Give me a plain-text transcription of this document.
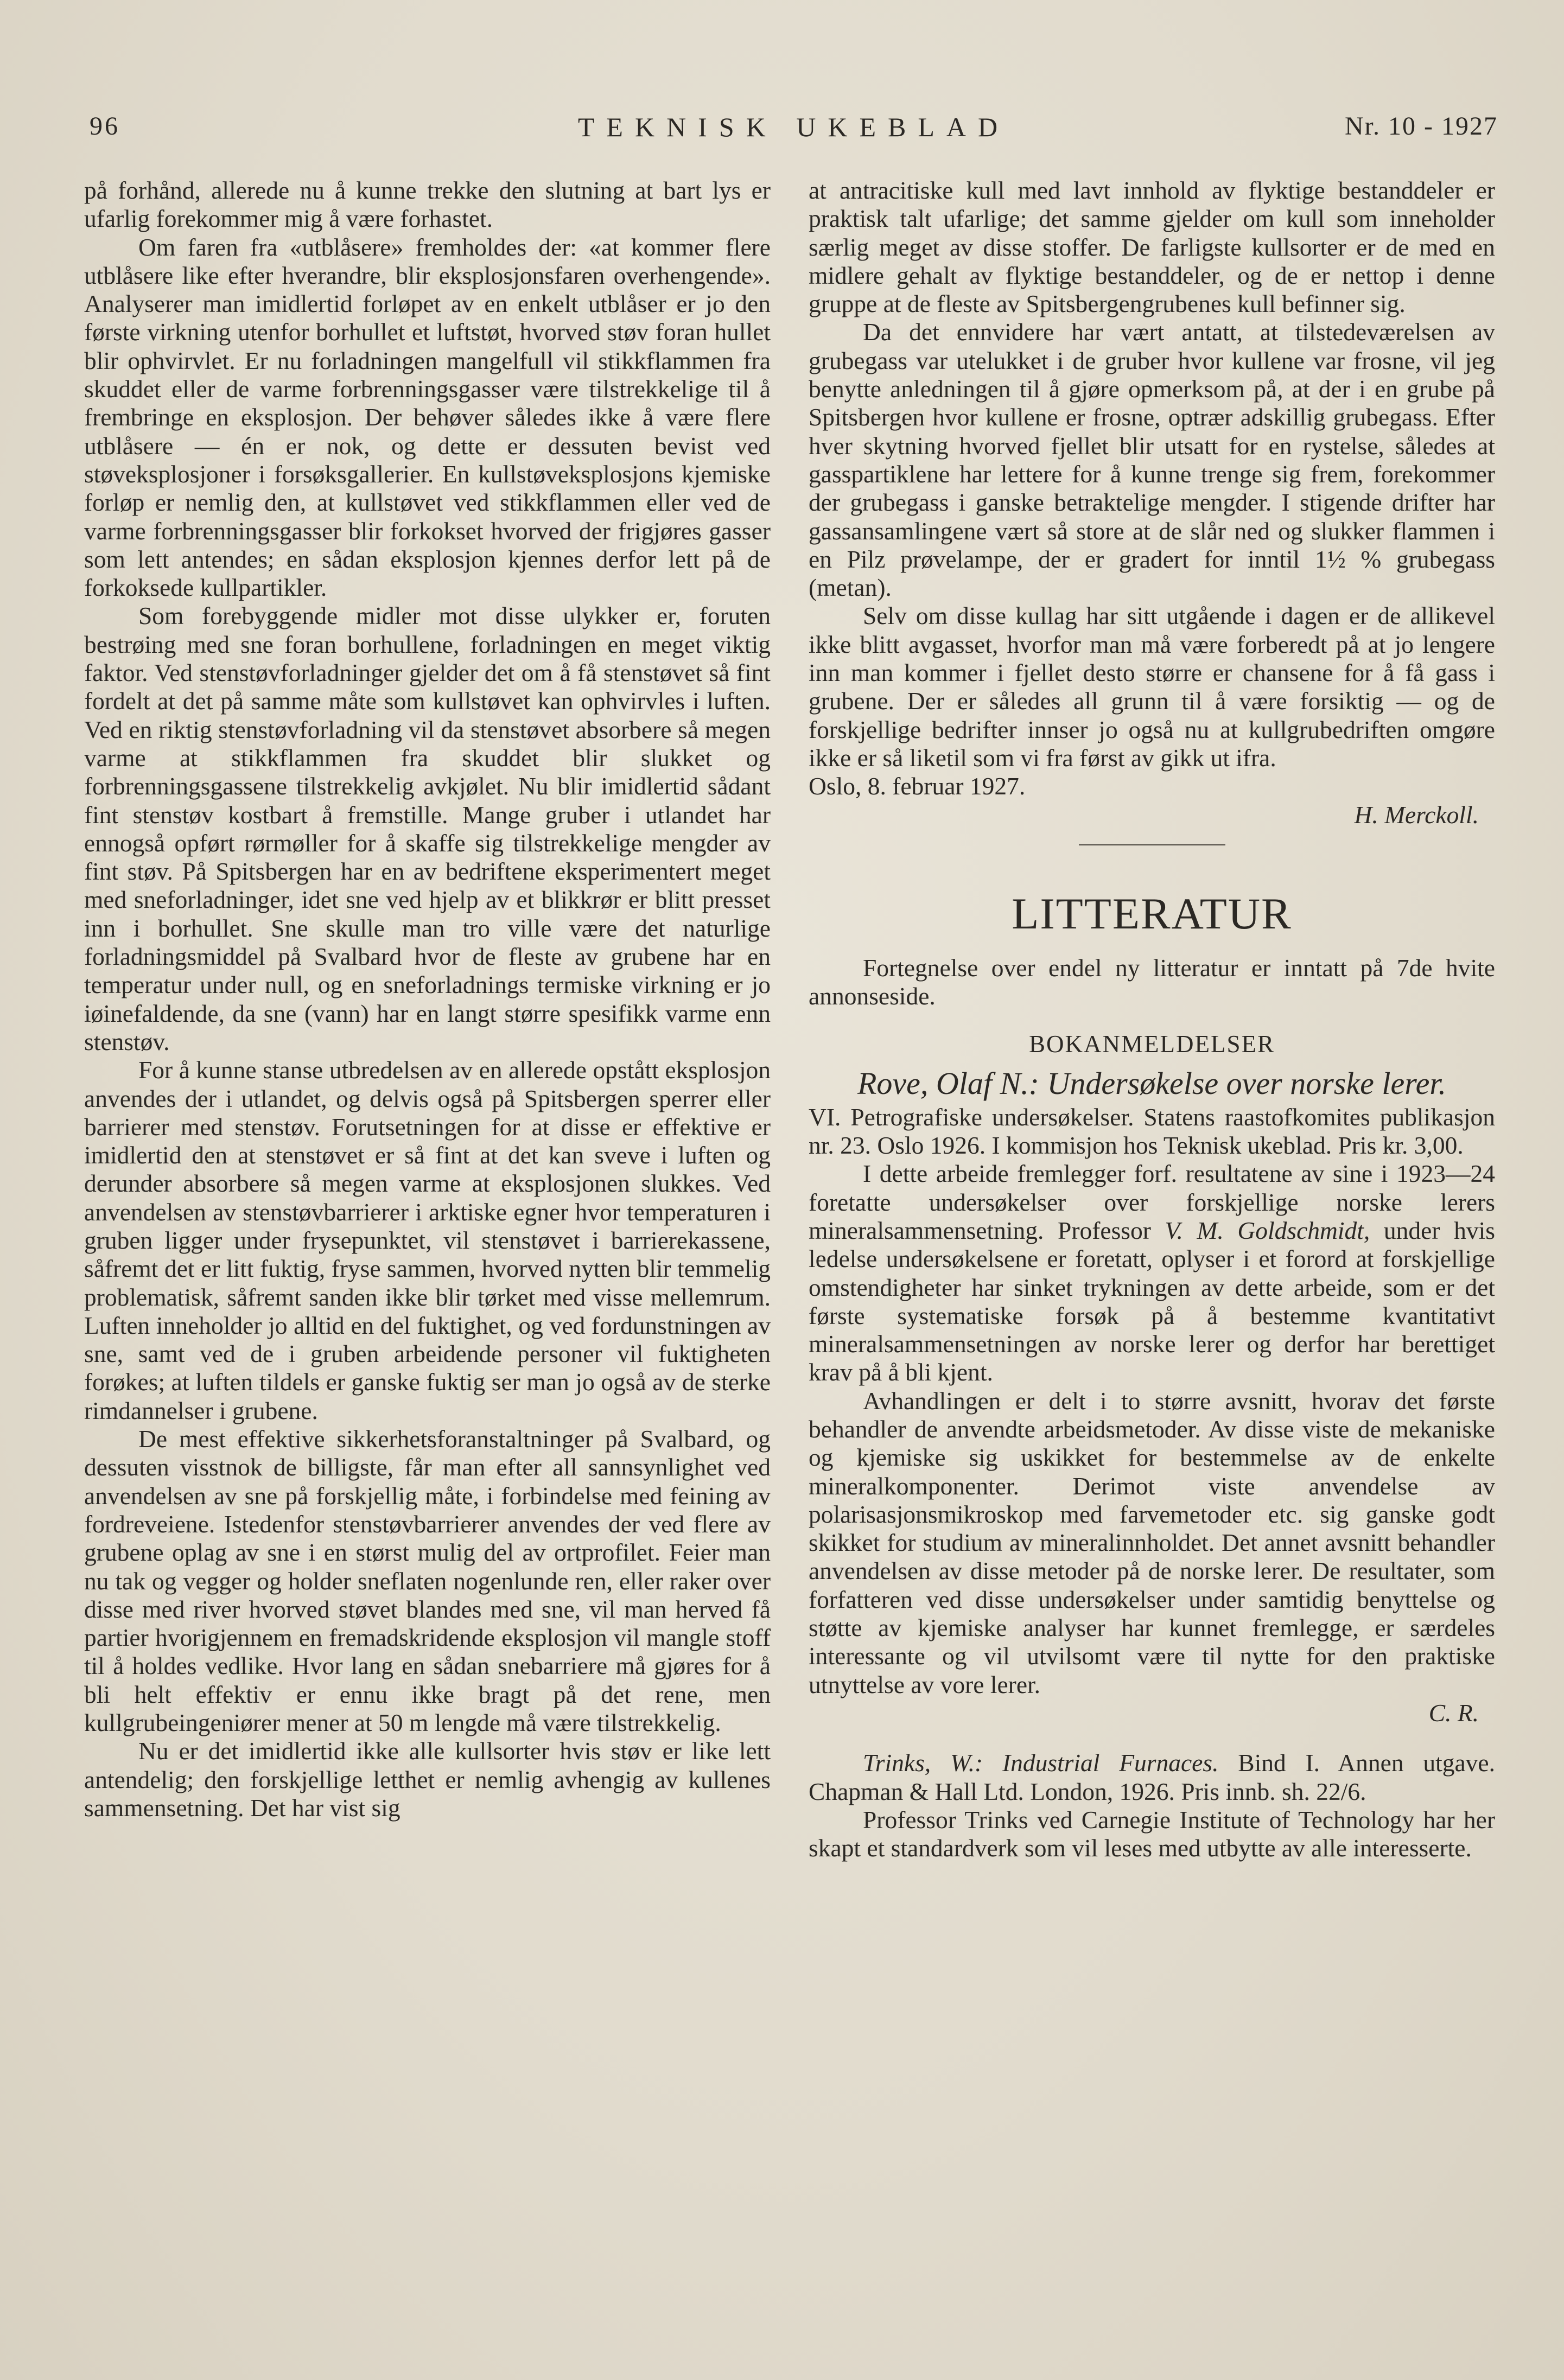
96	TEKNISK UKEBLAD	Nr. 10 - 1927

på forhånd, allerede nu å kunne trekke den slutning at bart lys er ufarlig forekommer mig å være forhastet.

Om faren fra «utblåsere» fremholdes der: «at kommer flere utblåsere like efter hverandre, blir eksplosjonsfaren overhengende». Analyserer man imidlertid forløpet av en enkelt utblåser er jo den første virkning utenfor borhullet et luftstøt, hvorved støv foran hullet blir ophvirvlet. Er nu forladningen mangelfull vil stikkflammen fra skuddet eller de varme forbrenningsgasser være tilstrekkelige til å frembringe en eksplosjon. Der behøver således ikke å være flere utblåsere — én er nok, og dette er dessuten bevist ved støveksplosjoner i forsøksgallerier. En kullstøveksplosjons kjemiske forløp er nemlig den, at kullstøvet ved stikkflammen eller ved de varme forbrenningsgasser blir forkokset hvorved der frigjøres gasser som lett antendes; en sådan eksplosjon kjennes derfor lett på de forkoksede kullpartikler.

Som forebyggende midler mot disse ulykker er, foruten bestrøing med sne foran borhullene, forladningen en meget viktig faktor. Ved stenstøvforladninger gjelder det om å få stenstøvet så fint fordelt at det på samme måte som kullstøvet kan ophvirvles i luften. Ved en riktig stenstøvforladning vil da stenstøvet absorbere så megen varme at stikkflammen fra skuddet blir slukket og forbrenningsgassene tilstrekkelig avkjølet. Nu blir imidlertid sådant fint stenstøv kostbart å fremstille. Mange gruber i utlandet har ennogså opført rørmøller for å skaffe sig tilstrekkelige mengder av fint støv. På Spitsbergen har en av bedriftene eksperimentert meget med sneforladninger, idet sne ved hjelp av et blikkrør er blitt presset inn i borhullet. Sne skulle man tro ville være det naturlige forladningsmiddel på Svalbard hvor de fleste av grubene har en temperatur under null, og en sneforladnings termiske virkning er jo iøinefaldende, da sne (vann) har en langt større spesifikk varme enn stenstøv.

For å kunne stanse utbredelsen av en allerede opstått eksplosjon anvendes der i utlandet, og delvis også på Spitsbergen sperrer eller barrierer med stenstøv. Forutsetningen for at disse er effektive er imidlertid den at stenstøvet er så fint at det kan sveve i luften og derunder absorbere så megen varme at eksplosjonen slukkes. Ved anvendelsen av stenstøvbarrierer i arktiske egner hvor temperaturen i gruben ligger under frysepunktet, vil stenstøvet i barrierekassene, såfremt det er litt fuktig, fryse sammen, hvorved nytten blir temmelig problematisk, såfremt sanden ikke blir tørket med visse mellemrum. Luften inneholder jo alltid en del fuktighet, og ved fordunstningen av sne, samt ved de i gruben arbeidende personer vil fuktigheten forøkes; at luften tildels er ganske fuktig ser man jo også av de sterke rimdannelser i grubene.

De mest effektive sikkerhetsforanstaltninger på Svalbard, og dessuten visstnok de billigste, får man efter all sannsynlighet ved anvendelsen av sne på forskjellig måte, i forbindelse med feining av fordreveiene. Istedenfor stenstøvbarrierer anvendes der ved flere av grubene oplag av sne i en størst mulig del av ortprofilet. Feier man nu tak og vegger og holder sneflaten nogenlunde ren, eller raker over disse med river hvorved støvet blandes med sne, vil man herved få partier hvorigjennem en fremadskridende eksplosjon vil mangle stoff til å holdes vedlike. Hvor lang en sådan snebarriere må gjøres for å bli helt effektiv er ennu ikke bragt på det rene, men kullgrubeingeniører mener at 50 m lengde må være tilstrekkelig.

Nu er det imidlertid ikke alle kullsorter hvis støv er like lett antendelig; den forskjellige letthet er nemlig avhengig av kullenes sammensetning. Det har vist sig

at antracitiske kull med lavt innhold av flyktige bestanddeler er praktisk talt ufarlige; det samme gjelder om kull som inneholder særlig meget av disse stoffer. De farligste kullsorter er de med en midlere gehalt av flyktige bestanddeler, og de er nettop i denne gruppe at de fleste av Spitsbergengrubenes kull befinner sig.

Da det ennvidere har vært antatt, at tilstedeværelsen av grubegass var utelukket i de gruber hvor kullene var frosne, vil jeg benytte anledningen til å gjøre opmerksom på, at der i en grube på Spitsbergen hvor kullene er frosne, optrær adskillig grubegass. Efter hver skytning hvorved fjellet blir utsatt for en rystelse, således at gasspartiklene har lettere for å kunne trenge sig frem, forekommer der grubegass i ganske betraktelige mengder. I stigende drifter har gassansamlingene vært så store at de slår ned og slukker flammen i en Pilz prøvelampe, der er gradert for inntil 1½ % grubegass (metan).

Selv om disse kullag har sitt utgående i dagen er de allikevel ikke blitt avgasset, hvorfor man må være forberedt på at jo lengere inn man kommer i fjellet desto større er chansene for å få gass i grubene. Der er således all grunn til å være forsiktig — og de forskjellige bedrifter innser jo også nu at kullgrubedriften omgøre ikke er så liketil som vi fra først av gikk ut ifra.

Oslo, 8. februar 1927.

H. Merckoll.

LITTERATUR

Fortegnelse over endel ny litteratur er inntatt på 7de hvite annonseside.

BOKANMELDELSER
Rove, Olaf N.: Undersøkelse over norske lerer.

VI. Petrografiske undersøkelser. Statens raastofkomites publikasjon nr. 23. Oslo 1926. I kommisjon hos Teknisk ukeblad. Pris kr. 3,00.

I dette arbeide fremlegger forf. resultatene av sine i 1923—24 foretatte undersøkelser over forskjellige norske lerers mineralsammensetning. Professor V. M. Goldschmidt, under hvis ledelse undersøkelsene er foretatt, oplyser i et forord at forskjellige omstendigheter har sinket trykningen av dette arbeide, som er det første systematiske forsøk på å bestemme kvantitativt mineralsammensetningen av norske lerer og derfor har berettiget krav på å bli kjent.

Avhandlingen er delt i to større avsnitt, hvorav det første behandler de anvendte arbeidsmetoder. Av disse viste de mekaniske og kjemiske sig uskikket for bestemmelse av de enkelte mineralkomponenter. Derimot viste anvendelse av polarisasjonsmikroskop med farvemetoder etc. sig ganske godt skikket for studium av mineralinnholdet. Det annet avsnitt behandler anvendelsen av disse metoder på de norske lerer. De resultater, som forfatteren ved disse undersøkelser under samtidig benyttelse og støtte av kjemiske analyser har kunnet fremlegge, er særdeles interessante og vil utvilsomt være til nytte for den praktiske utnyttelse av vore lerer.

C. R.

Trinks, W.: Industrial Furnaces. Bind I. Annen utgave. Chapman & Hall Ltd. London, 1926. Pris innb. sh. 22/6.

Professor Trinks ved Carnegie Institute of Technology har her skapt et standardverk som vil leses med utbytte av alle interesserte.
